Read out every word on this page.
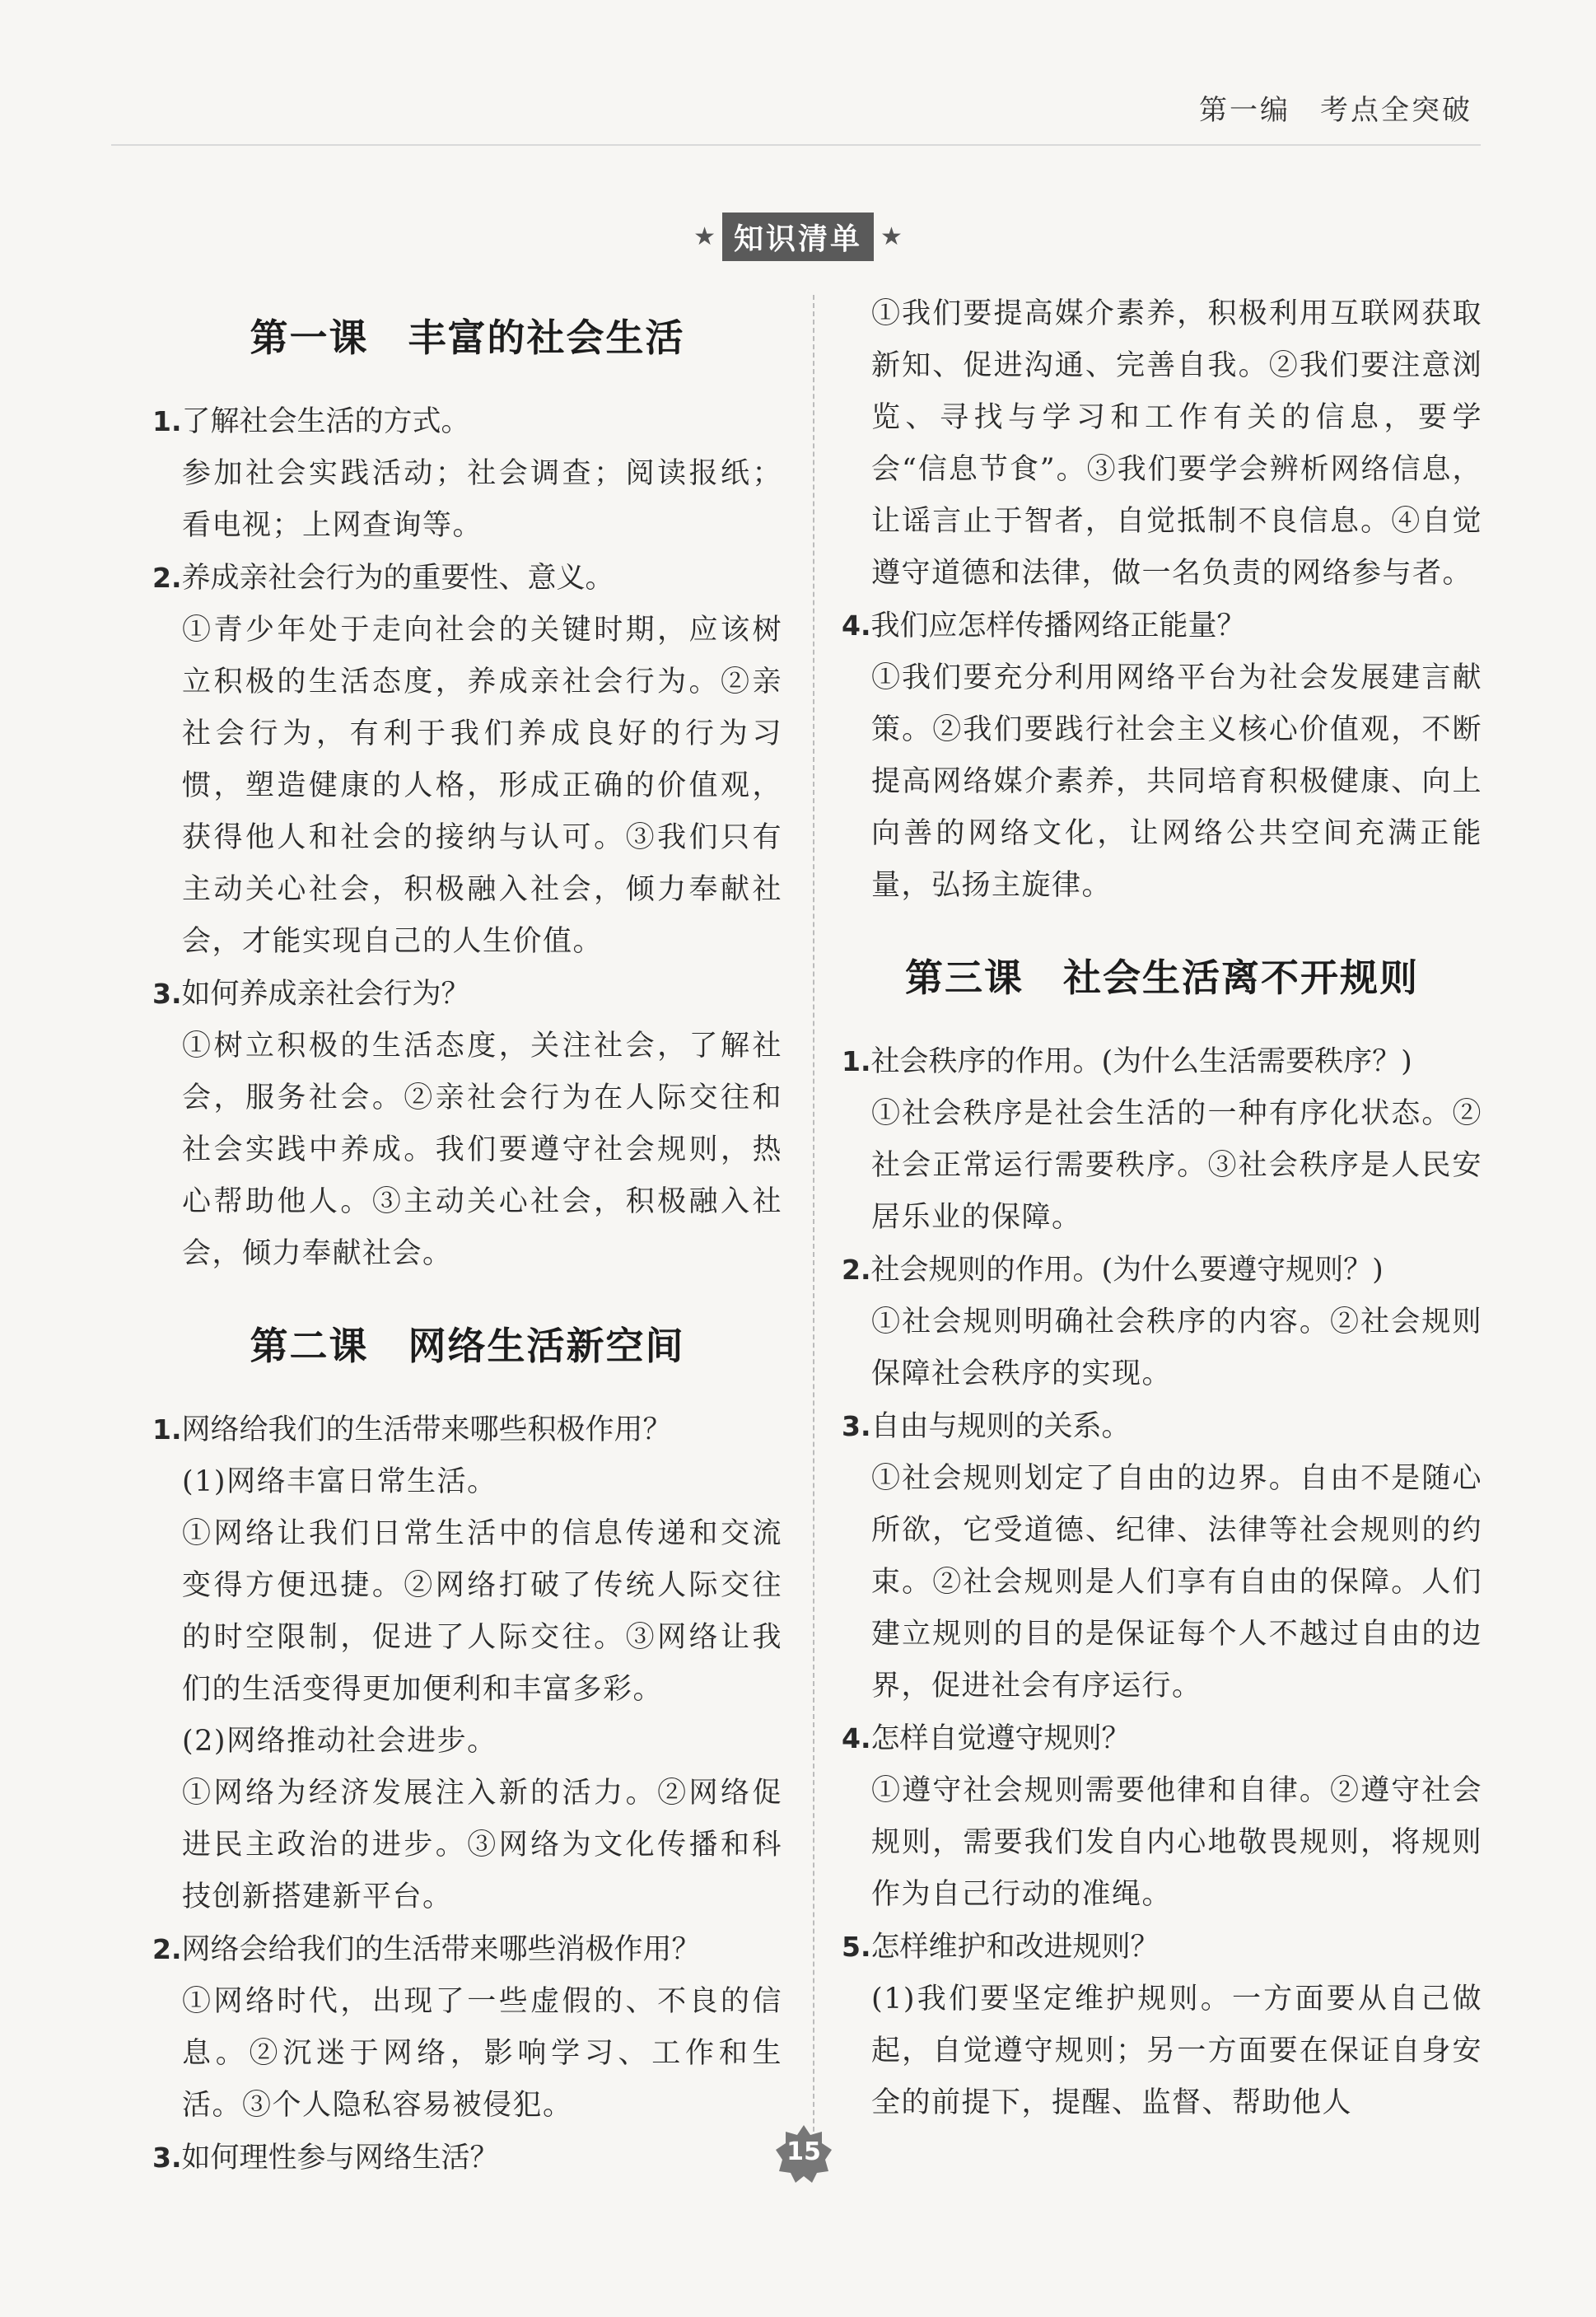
第一编 考点全突破
★ 知识清单 ★
第一课　丰富的社会生活

1.了解社会生活的方式。

参加社会实践活动；社会调查；阅读报纸；看电视；上网查询等。

2.养成亲社会行为的重要性、意义。

①青少年处于走向社会的关键时期，应该树立积极的生活态度，养成亲社会行为。②亲社会行为，有利于我们养成良好的行为习惯，塑造健康的人格，形成正确的价值观，获得他人和社会的接纳与认可。③我们只有主动关心社会，积极融入社会，倾力奉献社会，才能实现自己的人生价值。

3.如何养成亲社会行为？

①树立积极的生活态度，关注社会，了解社会，服务社会。②亲社会行为在人际交往和社会实践中养成。我们要遵守社会规则，热心帮助他人。③主动关心社会，积极融入社会，倾力奉献社会。

第二课　网络生活新空间

1.网络给我们的生活带来哪些积极作用？

(1)网络丰富日常生活。

①网络让我们日常生活中的信息传递和交流变得方便迅捷。②网络打破了传统人际交往的时空限制，促进了人际交往。③网络让我们的生活变得更加便利和丰富多彩。

(2)网络推动社会进步。

①网络为经济发展注入新的活力。②网络促进民主政治的进步。③网络为文化传播和科技创新搭建新平台。

2.网络会给我们的生活带来哪些消极作用？

①网络时代，出现了一些虚假的、不良的信息。②沉迷于网络，影响学习、工作和生活。③个人隐私容易被侵犯。

3.如何理性参与网络生活？

①我们要提高媒介素养，积极利用互联网获取新知、促进沟通、完善自我。②我们要注意浏览、寻找与学习和工作有关的信息，要学会“信息节食”。③我们要学会辨析网络信息，让谣言止于智者，自觉抵制不良信息。④自觉遵守道德和法律，做一名负责的网络参与者。

4.我们应怎样传播网络正能量？

①我们要充分利用网络平台为社会发展建言献策。②我们要践行社会主义核心价值观，不断提高网络媒介素养，共同培育积极健康、向上向善的网络文化，让网络公共空间充满正能量，弘扬主旋律。

第三课　社会生活离不开规则

1.社会秩序的作用。(为什么生活需要秩序？)

①社会秩序是社会生活的一种有序化状态。②社会正常运行需要秩序。③社会秩序是人民安居乐业的保障。

2.社会规则的作用。(为什么要遵守规则？)

①社会规则明确社会秩序的内容。②社会规则保障社会秩序的实现。

3.自由与规则的关系。

①社会规则划定了自由的边界。自由不是随心所欲，它受道德、纪律、法律等社会规则的约束。②社会规则是人们享有自由的保障。人们建立规则的目的是保证每个人不越过自由的边界，促进社会有序运行。

4.怎样自觉遵守规则？

①遵守社会规则需要他律和自律。②遵守社会规则，需要我们发自内心地敬畏规则，将规则作为自己行动的准绳。

5.怎样维护和改进规则？

(1)我们要坚定维护规则。一方面要从自己做起，自觉遵守规则；另一方面要在保证自身安全的前提下，提醒、监督、帮助他人

15
